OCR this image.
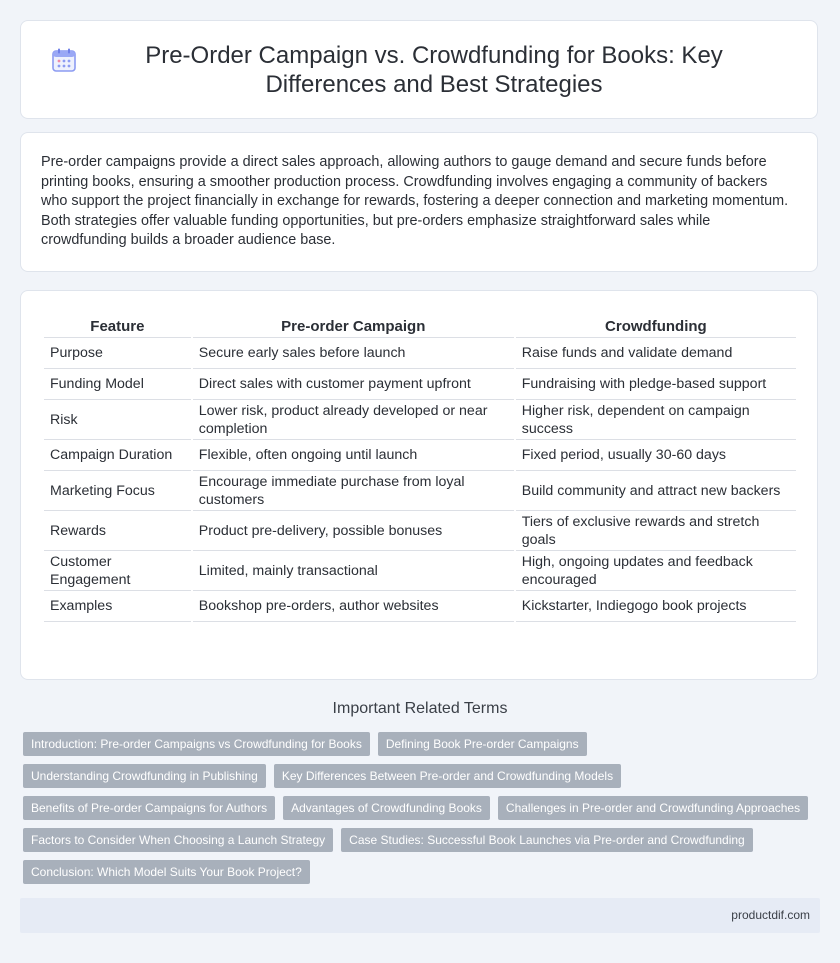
Pre-Order Campaign vs. Crowdfunding for Books: Key Differences and Best Strategies

Pre-order campaigns provide a direct sales approach, allowing authors to gauge demand and secure funds before printing books, ensuring a smoother production process. Crowdfunding involves engaging a community of backers who support the project financially in exchange for rewards, fostering a deeper connection and marketing momentum. Both strategies offer valuable funding opportunities, but pre-orders emphasize straightforward sales while crowdfunding builds a broader audience base.

Feature	Pre-order Campaign	Crowdfunding
Purpose	Secure early sales before launch	Raise funds and validate demand
Funding Model	Direct sales with customer payment upfront	Fundraising with pledge-based support
Risk	Lower risk, product already developed or near completion	Higher risk, dependent on campaign success
Campaign Duration	Flexible, often ongoing until launch	Fixed period, usually 30-60 days
Marketing Focus	Encourage immediate purchase from loyal customers	Build community and attract new backers
Rewards	Product pre-delivery, possible bonuses	Tiers of exclusive rewards and stretch goals
Customer Engagement	Limited, mainly transactional	High, ongoing updates and feedback encouraged
Examples	Bookshop pre-orders, author websites	Kickstarter, Indiegogo book projects
Important Related Terms
Introduction: Pre-order Campaigns vs Crowdfunding for Books	Defining Book Pre-order Campaigns
Understanding Crowdfunding in Publishing	Key Differences Between Pre-order and Crowdfunding Models
Benefits of Pre-order Campaigns for Authors	Advantages of Crowdfunding Books	Challenges in Pre-order and Crowdfunding Approaches
Factors to Consider When Choosing a Launch Strategy	Case Studies: Successful Book Launches via Pre-order and Crowdfunding
Conclusion: Which Model Suits Your Book Project?
productdif.com
